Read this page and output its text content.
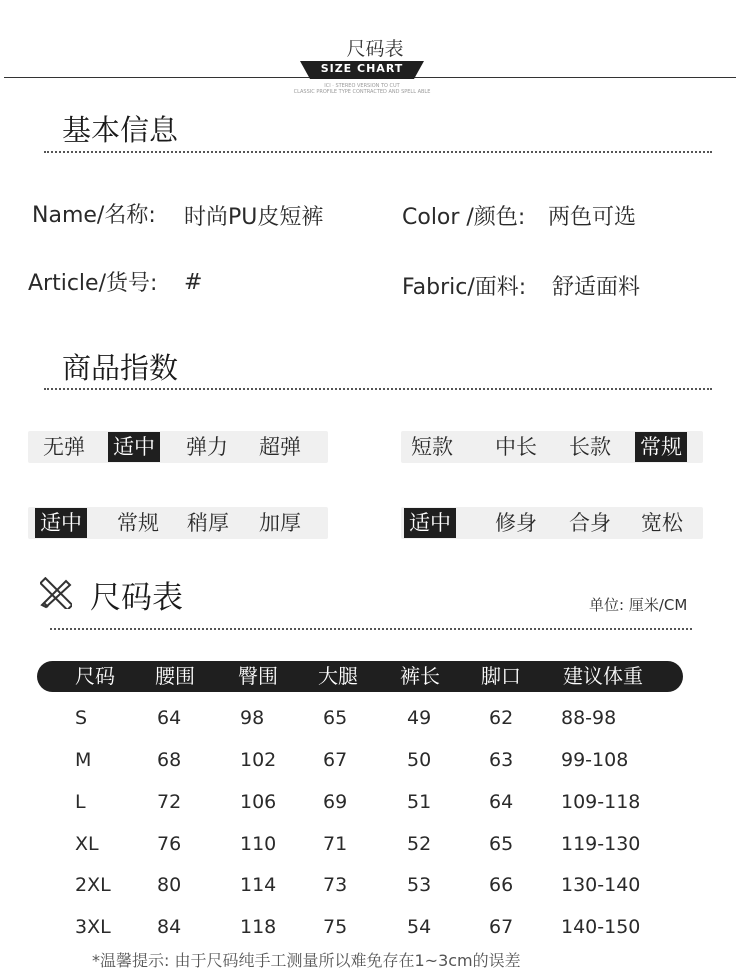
尺码表
SIZE CHART
ICI · STEREO VERSION TO CUT
CLASSIC PROFILE TYPE CONTRACTED AND SPELL ABLE
基本信息
Name/名称: 时尚PU皮短裤	Color /颜色: 两色可选
Article/货号: #	Fabric/面料: 舒适面料
商品指数
无弹 适中 弹力 超弹	短款 中长 长款 常规
适中 常规 稍厚 加厚	适中 修身 合身 宽松
尺码表	单位: 厘米/CM
尺码 腰围 臀围 大腿 裤长 脚口 建议体重
S	64	98	65	49	62	88-98
M	68	102 67	50	63	99-108
L	72	106 69	51	64	109-118
XL	76	110 71	52	65	119-130
2XL 80	114 73	53	66	130-140
3XL 84	118 75	54	67	140-150
*温馨提示: 由于尺码纯手工测量所以难免存在1~3cm的误差
